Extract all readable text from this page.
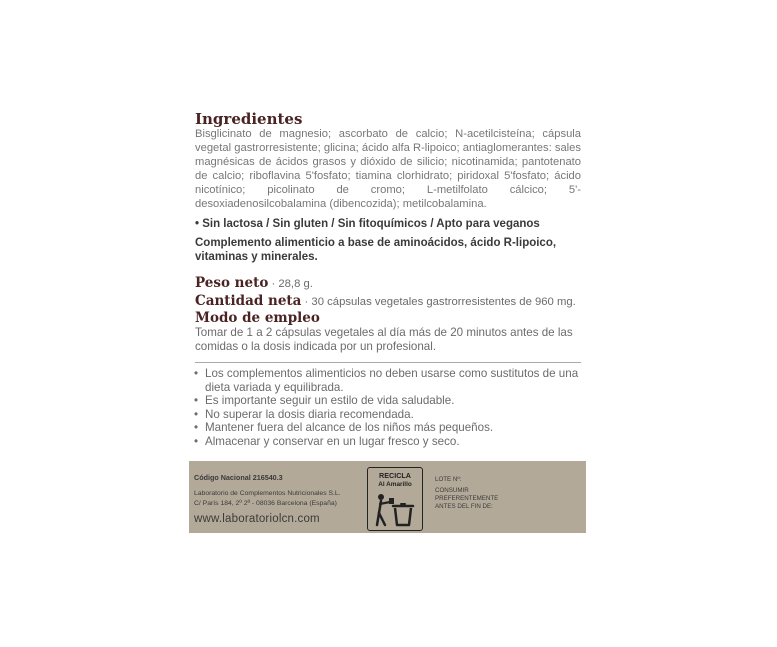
Ingredientes

Bisglicinato de magnesio; ascorbato de calcio; N-acetilcisteína; cápsula vegetal gastrorresistente; glicina; ácido alfa R-lipoico; antiaglomerantes: sales magnésicas de ácidos grasos y dióxido de silicio; nicotinamida; pantotenato de calcio; riboflavina 5'fosfato; tiamina clorhidrato; piridoxal 5'fosfato; ácido nicotínico; picolinato de cromo; L-metilfolato cálcico; 5'-desoxiadenosilcobalamina (dibencozida); metilcobalamina.

• Sin lactosa / Sin gluten / Sin fitoquímicos / Apto para veganos
Complemento alimenticio a base de aminoácidos, ácido R-lipoico, vitaminas y minerales.
Peso neto · 28,8 g.
Cantidad neta · 30 cápsulas vegetales gastrorresistentes de 960 mg.
Modo de empleo

Tomar de 1 a 2 cápsulas vegetales al día más de 20 minutos antes de las comidas o la dosis indicada por un profesional.

• Los complementos alimenticios no deben usarse como sustitutos de una dieta variada y equilibrada.
• Es importante seguir un estilo de vida saludable.
• No superar la dosis diaria recomendada.
• Mantener fuera del alcance de los niños más pequeños.
• Almacenar y conservar en un lugar fresco y seco.
Código Nacional 216540.3
Laboratorio de Complementos Nutricionales S.L.
C/ París 184, 2º 2ª - 08036 Barcelona (España)
www.laboratoriolcn.com
RECICLA
Al Amarillo
LOTE Nº:
CONSUMIR PREFERENTEMENTE ANTES DEL FIN DE:
